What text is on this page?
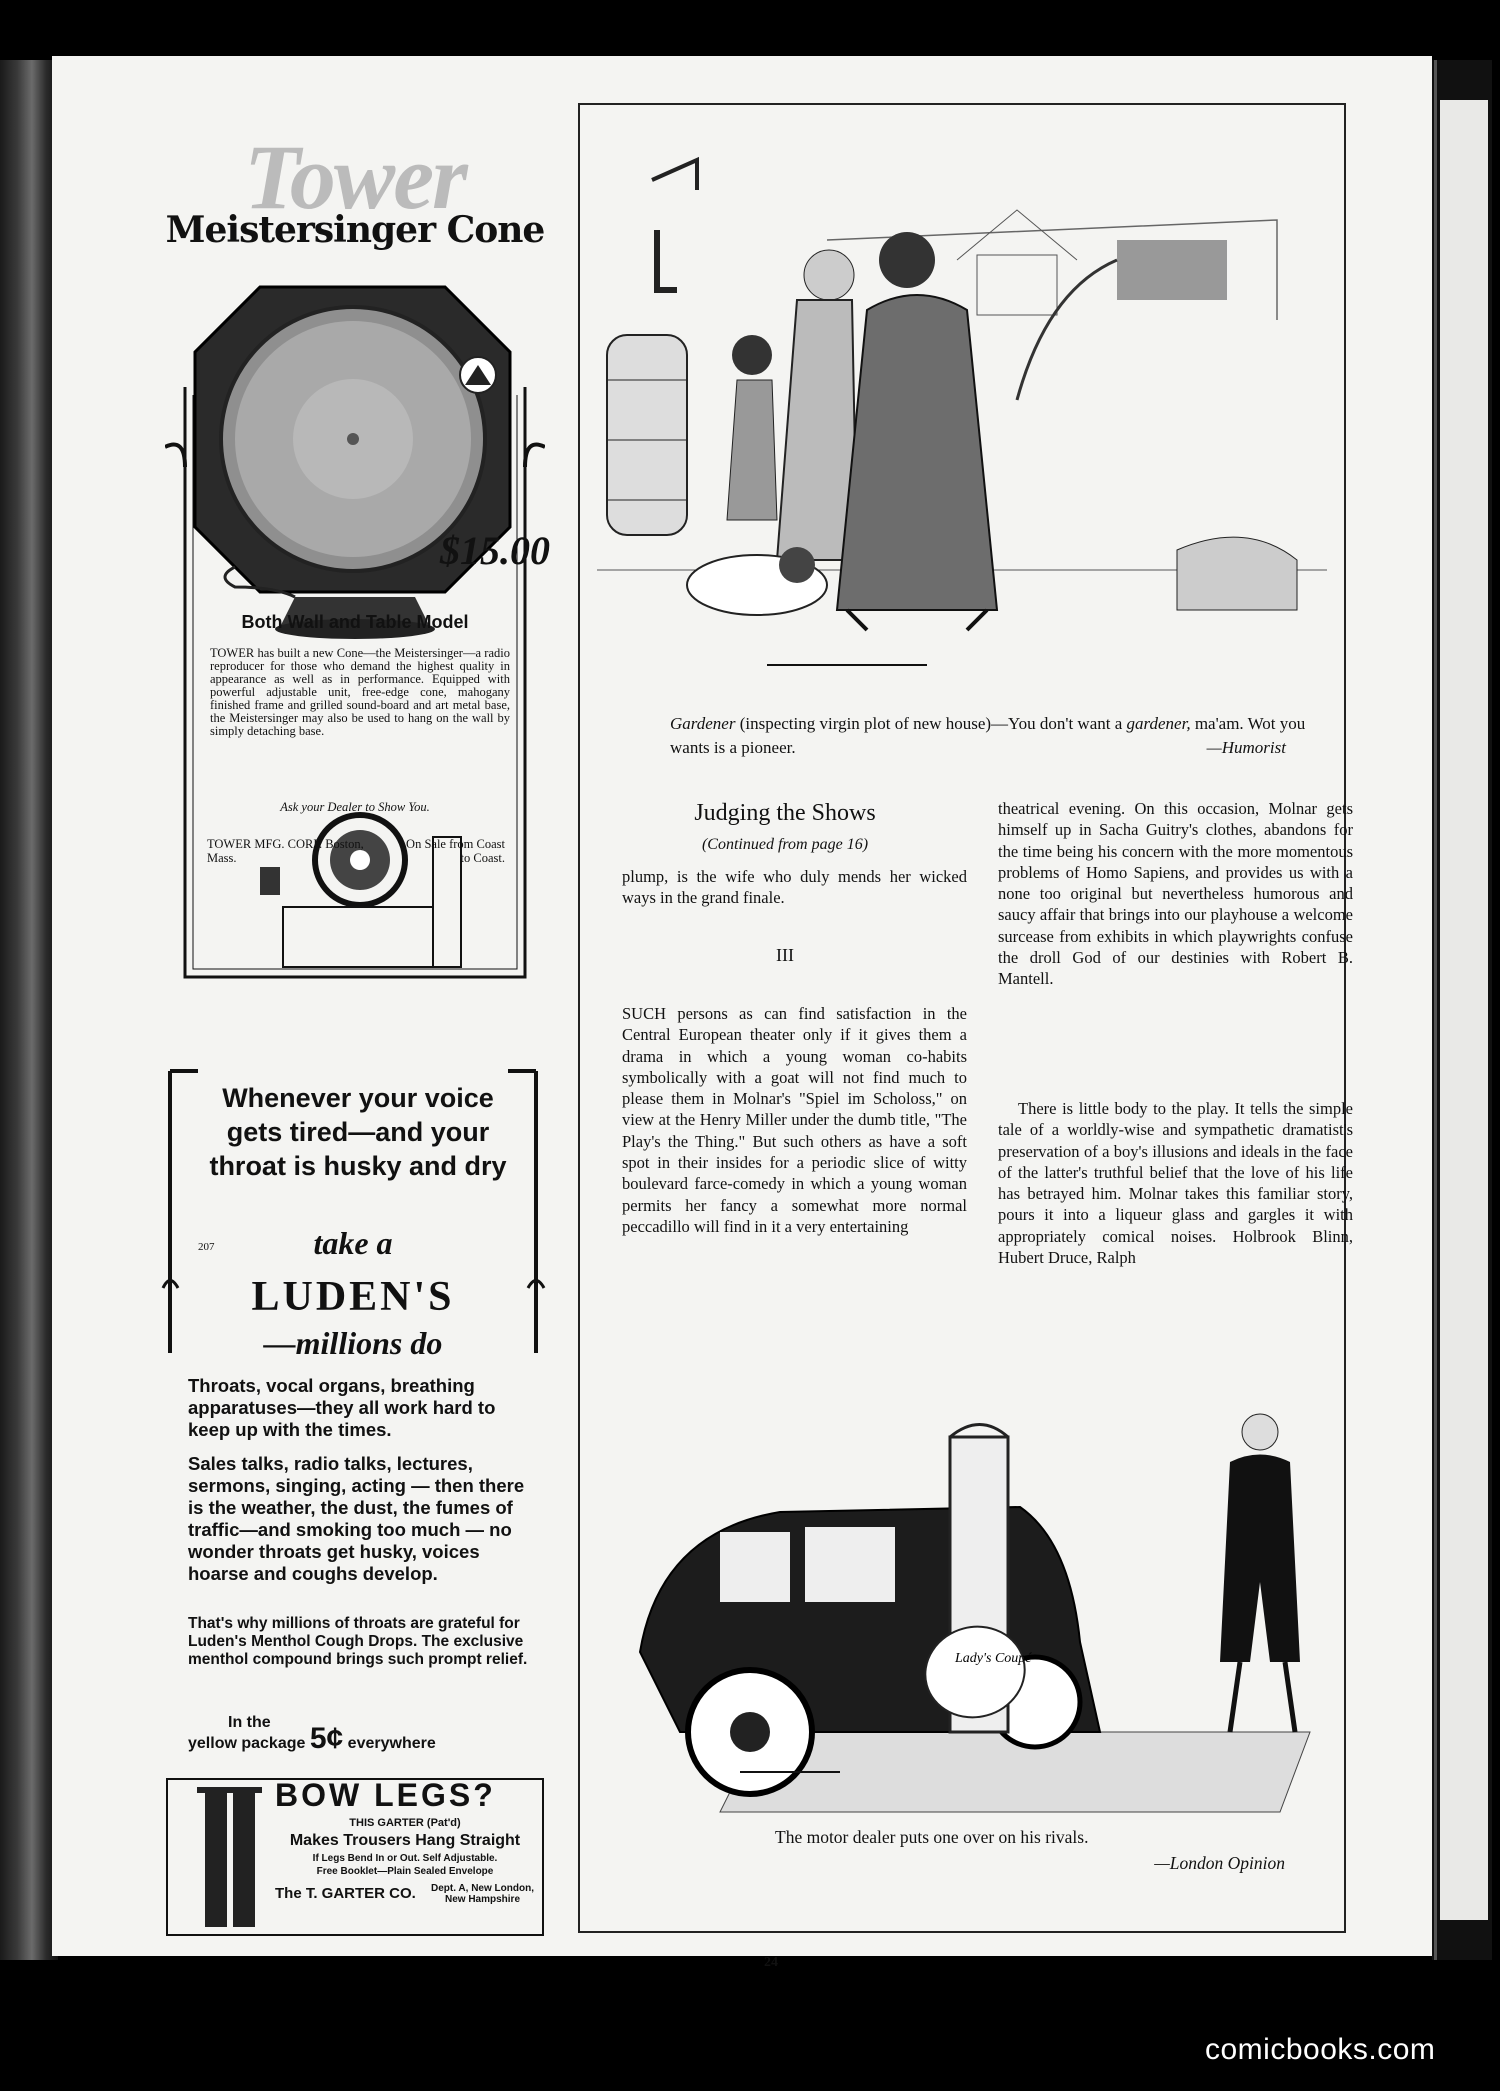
Tower
Meistersinger Cone
$15.00
Both Wall and Table Model
TOWER has built a new Cone—the Meistersinger—a radio reproducer for those who demand the highest quality in appearance as well as in performance. Equipped with powerful adjustable unit, free-edge cone, mahogany finished frame and grilled sound-board and art metal base, the Meistersinger may also be used to hang on the wall by simply detaching base.
Ask your Dealer to Show You.
TOWER MFG. CORP. Boston, Mass.
On Sale from Coast to Coast.
Whenever your voice gets tired—and your throat is husky and dry
207	take a
LUDEN'S
—millions do
Throats, vocal organs, breathing apparatuses—they all work hard to keep up with the times.
Sales talks, radio talks, lectures, sermons, singing, acting — then there is the weather, the dust, the fumes of traffic—and smoking too much — no wonder throats get husky, voices hoarse and coughs develop.
That's why millions of throats are grateful for Luden's Menthol Cough Drops. The exclusive menthol compound brings such prompt relief.
In the
yellow package 5¢ everywhere
BOW LEGS?
THIS GARTER (Pat'd)
Makes Trousers Hang Straight
If Legs Bend In or Out. Self Adjustable.
Free Booklet—Plain Sealed Envelope
The T. GARTER CO.	Dept. A, New London, New Hampshire
Gardener (inspecting virgin plot of new house)—You don't want a gardener, ma'am. Wot you wants is a pioneer.	—Humorist
Judging the Shows
(Continued from page 16)
plump, is the wife who duly mends her wicked ways in the grand finale.
III
SUCH persons as can find satisfaction in the Central European theater only if it gives them a drama in which a young woman co-habits symbolically with a goat will not find much to please them in Molnar's "Spiel im Scholoss," on view at the Henry Miller under the dumb title, "The Play's the Thing." But such others as have a soft spot in their insides for a periodic slice of witty boulevard farce-comedy in which a young woman permits her fancy a somewhat more normal peccadillo will find in it a very entertaining
theatrical evening. On this occasion, Molnar gets himself up in Sacha Guitry's clothes, abandons for the time being his concern with the more momentous problems of Homo Sapiens, and provides us with a none too original but nevertheless humorous and saucy affair that brings into our playhouse a welcome surcease from exhibits in which playwrights confuse the droll God of our destinies with Robert B. Mantell.
There is little body to the play. It tells the simple tale of a worldly-wise and sympathetic dramatist's preservation of a boy's illusions and ideals in the face of the latter's truthful belief that the love of his life has betrayed him. Molnar takes this familiar story, pours it into a liqueur glass and gargles it with appropriately comical noises. Holbrook Blinn, Hubert Druce, Ralph
Lady's Coupé
The motor dealer puts one over on his rivals.
—London Opinion
24
comicbooks.com
